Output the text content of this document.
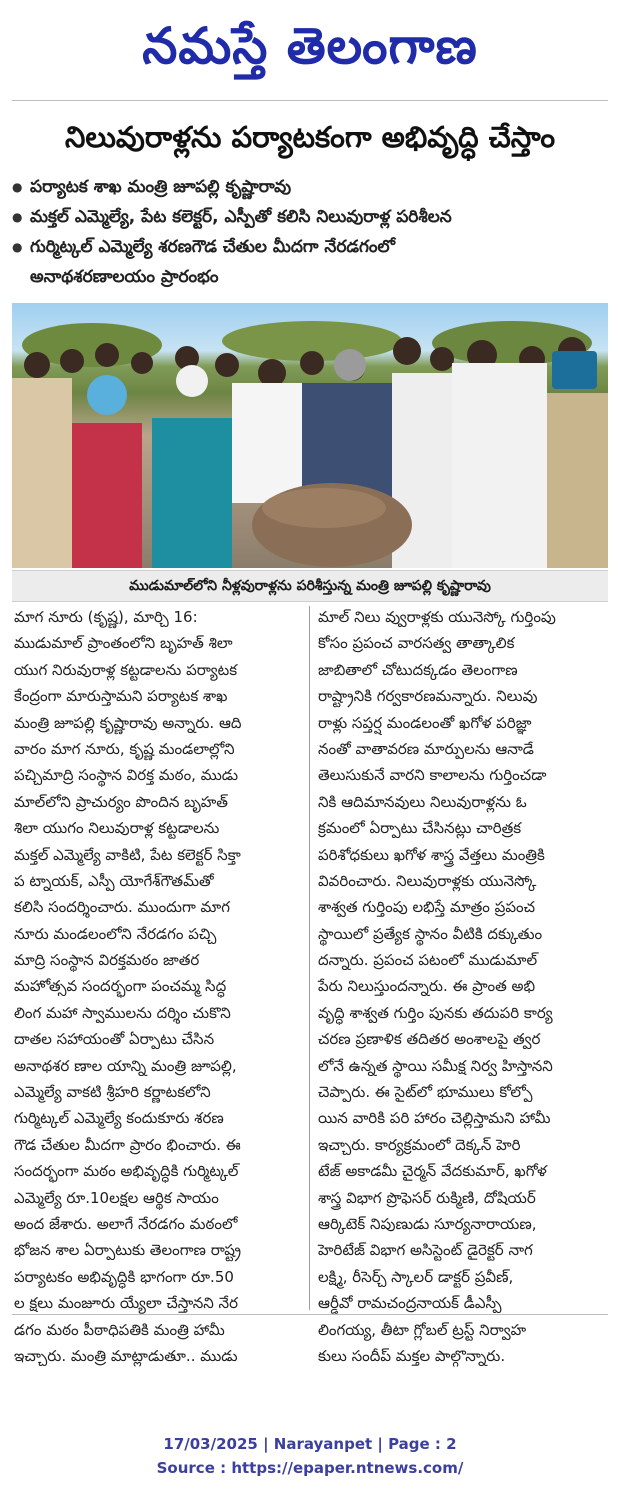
నమస్తే తెలంగాణ
నిలువురాళ్లను పర్యాటకంగా అభివృద్ధి చేస్తాం
● పర్యాటక శాఖ మంత్రి జూపల్లి కృష్ణారావు
● మక్తల్ ఎమ్మెల్యే, పేట కలెక్టర్, ఎస్పీతో కలిసి నిలువురాళ్ల పరిశీలన
● గుర్మిట్కల్ ఎమ్మెల్యే శరణగౌడ చేతుల మీదగా నేరడగంలో
అనాథశరణాలయం ప్రారంభం
ముడుమాల్‌లోని నీళ్లవురాళ్లను పరిశీస్తున్న మంత్రి జూపల్లి కృష్ణారావు
మాగ నూరు (కృష్ణ), మార్చి 16:
ముడుమాల్ ప్రాంతంలోని బృహత్ శిలా
యుగ నిరువురాళ్ల కట్టడాలను పర్యాటక
కేంద్రంగా మారుస్తామని పర్యాటక శాఖ
మంత్రి జూపల్లి కృష్ణారావు అన్నారు. ఆది
వారం మాగ నూరు, కృష్ణ మండలాల్లోని
పచ్చిమాద్రి సంస్థాన విరక్త మఠం, ముడు
మాల్‌లోని ప్రాచుర్యం పొందిన బృహత్
శిలా యుగం నిలువురాళ్ల కట్టడాలను
మక్తల్ ఎమ్మెల్యే వాకిటి, పేట కలెక్టర్ సిక్తా
ప ట్నాయక్, ఎస్పీ యోగేశ్‌గౌతమ్‌తో
కలిసి సందర్శించారు. ముందుగా మాగ
నూరు మండలంలోని నేరడగం పచ్చి
మాద్రి సంస్థాన విరక్తమఠం జాతర
మహోత్సవ సందర్భంగా పంచమ్మ సిద్ధ
లింగ మహా స్వాములను దర్శిం చుకొని
దాతల సహాయంతో ఏర్పాటు చేసిన
అనాథశర ణాల యాన్ని మంత్రి జూపల్లి,
ఎమ్మెల్యే వాకటి శ్రీహరి కర్ణాటకలోని
గుర్మిట్కల్ ఎమ్మెల్యే కందుకూరు శరణ
గౌడ చేతుల మీదగా ప్రారం భించారు. ఈ
సందర్భంగా మఠం అభివృద్ధికి గుర్మిట్కల్
ఎమ్మెల్యే రూ.10లక్షల ఆర్థిక సాయం
అంద జేశారు. అలాగే నేరడగం మఠంలో
భోజన శాల ఏర్పాటుకు తెలంగాణ రాష్ట్ర
పర్యాటకం అభివృద్ధికి భాగంగా రూ.50
ల క్షలు మంజూరు య్యేలా చేస్తానని నేర
డగం మఠం పీఠాధిపతికి మంత్రి హామీ
ఇచ్చారు. మంత్రి మాట్లాడుతూ.. ముడు
మాల్ నిలు వ్వురాళ్లకు యునెస్కో గుర్తింపు
కోసం ప్రపంచ వారసత్వ తాత్కాలిక
జాబితాలో చోటుదక్కడం తెలంగాణ
రాష్ట్రానికి గర్వకారణమన్నారు. నిలువు
రాళ్లు సప్తర్ష మండలంతో ఖగోళ పరిజ్ఞా
నంతో వాతావరణ మార్పులను ఆనాడే
తెలుసుకునే వారని కాలాలను గుర్తించడా
నికి ఆదిమానవులు నిలువురాళ్లను ఓ
క్రమంలో ఏర్పాటు చేసినట్లు చారిత్రక
పరిశోధకులు ఖగోళ శాస్త్ర వేత్తలు మంత్రికి
వివరించారు. నిలువురాళ్లకు యునెస్కో
శాశ్వత గుర్తింపు లభిస్తే మాత్రం ప్రపంచ
స్థాయిలో ప్రత్యేక స్థానం వీటికి దక్కుతుం
దన్నారు. ప్రపంచ పటంలో ముడుమాల్
పేరు నిలుస్తుందన్నారు. ఈ ప్రాంత అభి
వృద్ధి శాశ్వత గుర్తిం పునకు తదుపరి కార్య
చరణ ప్రణాళిక తదితర అంశాలపై త్వర
లోనే ఉన్నత స్థాయి సమీక్ష నిర్వ హిస్తానని
చెప్పారు. ఈ సైట్‌లో భూములు కోల్పో
యిన వారికి పరి హారం చెల్లిస్తామని హామీ
ఇచ్చారు. కార్యక్రమంలో దెక్కన్ హెరి
టేజ్ అకాడమీ చైర్మన్ వేదకుమార్, ఖగోళ
శాస్త్ర విభాగ ప్రొఫెసర్ రుక్మిణి, దోషియర్
ఆర్కిటెక్ నిపుణుడు సూర్యనారాయణ,
హెరిటేజ్ విభాగ అసిస్టెంట్ డైరెక్టర్ నాగ
లక్ష్మి, రీసెర్చ్ స్కాలర్ డాక్టర్ ప్రవీణ్,
ఆర్డీవో రామచంద్రనాయక్ డీఎస్పీ
లింగయ్య, తీటా గ్లోబల్ ట్రస్ట్ నిర్వాహ
కులు సందీప్ మక్తల పాల్గొన్నారు.
17/03/2025 | Narayanpet | Page : 2
Source : https://epaper.ntnews.com/
